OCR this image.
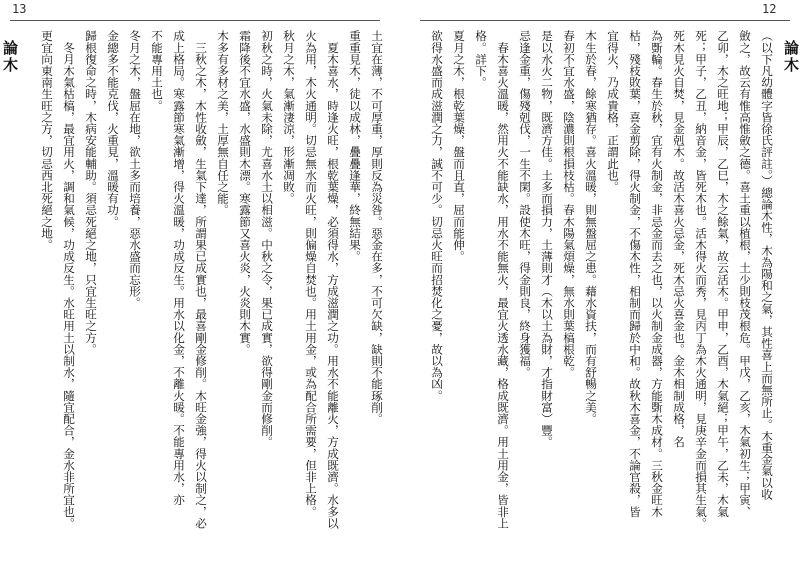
13
論木	土宜在薄，不可厚重，厚則反為災咎。惡金在多，不可欠缺，缺則不能琢削。
重重見木，徒以成林，疊疊逢華，終無結果。
　夏木喜水，時逢火旺，根乾葉燥，必須得水，方成滋潤之功。用水不能離火，方成既濟。水多以
火為用，木火通明。切忌無水而火旺，則偏燥自焚也。用土用金，或為配合所需要，但非上格。
秋月之木，氣漸淒涼，形漸凋敗。
初秋之時，火氣未除，尤喜水土以相滋。中秋之令，果已成實，欲得剛金而修削。
霜降後不宜水盛，水盛則木漂。寒露節又喜火炎，火炎則木實。
木多有多材之美，土厚無自任之能。
　三秋之木，木性收斂，生氣下達，所謂果已成實也，最喜剛金修削。木旺金強，得火以制之，必
成上格局。寒露節寒氣漸增，得火溫暖，功成反生。用水以化金，不離火暖。不能專用水，亦
不能專用土也。
冬月之木，盤屈在地，欲土多而培養，惡水盛而忘形。
金總多不能克伐，火重見，溫暖有功。
歸根復命之時，木病安能輔助。須忌死絕之地，只宜生旺之方。
　冬月木氣枯槁，最宜用火，調和氣候，功成反生。水旺用土以制水，隨宜配合，金水非所宜也。
更宜向東南生旺之方，切忌西北死絕之地。
12
論木
（以下凡幼體字皆徐氏評註。）總論木性，木為陽和之氣，其性喜上而無所止。木重金氣以收
斂之，故云有惟高惟斂之德。喜土重以植根，土少則枝茂根危。甲戊，乙亥，木氣初生；甲寅、
乙卯，木之旺地；甲辰，乙巳，木之餘氣，故云活木。甲申，乙酉，木氣絕；甲午，乙未，木氣
死；甲子，乙丑，納音金，皆死木也。活木得火而秀，見丙丁為木火通明，見庚辛金而損其生氣。
死木見火自焚，見金剋木。故活木喜火忌金，死木忌火喜金也。金木相制成格，名
為斲輪。春生於秋，宜有火制金，非忌金而去之也，以火制金成器，方能斲木成材。三秋金旺木
枯，殘枝敗葉，喜金剪除，得火制金，不傷木性，相制而歸於中和。故秋木喜金，不論官殺，皆
宜得火，乃成貴格，正謂此也。
木生於春，餘寒猶存。喜火溫暖，則無盤屈之患。藉水資扶，而有舒暢之美。
春初不宜水盛，陰濃則根損枝枯。春木陽氣煩燥，無水則葉槁根乾。
是以水火二物，既濟方佳。土多而損力，土薄則才（木以土為財，才指財富）豐。
忌逢金重，傷殘剋伐，一生不閑。設使木旺，得金則良，終身獲福。
　春木喜火溫暖，然用火不能缺水，用水不能無火，最宜火透水藏，格成既濟。用土用金，皆非上
格。詳下。
夏月之木，根乾葉燥，盤而且直，屈而能伸。
欲得水盛而成滋潤之力，誠不可少。切忌火旺而招焚化之憂，故以為凶。
